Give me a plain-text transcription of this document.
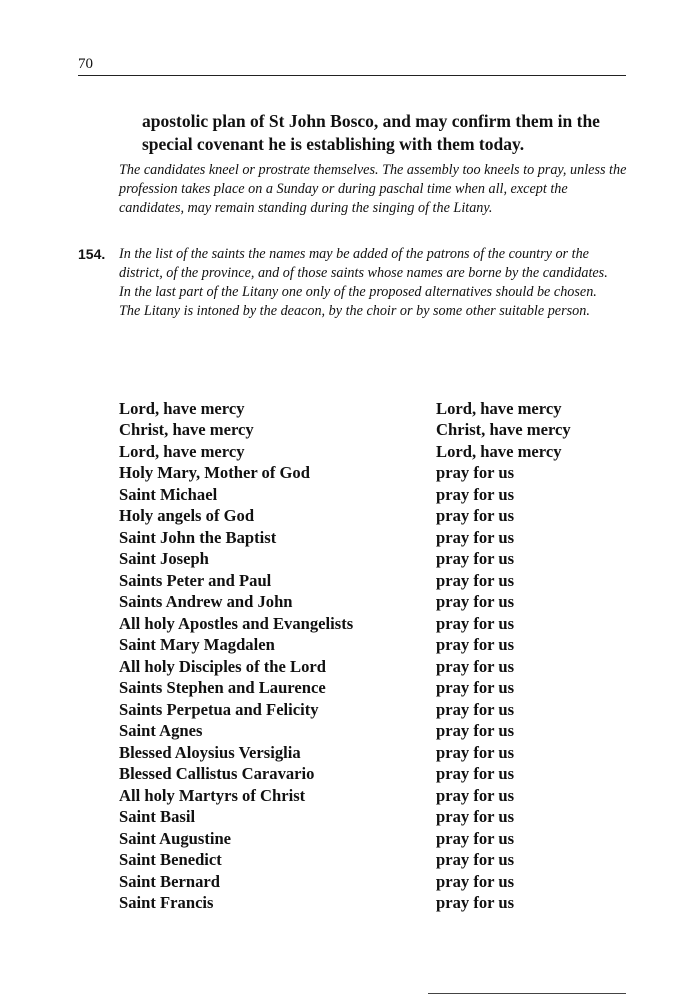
70
apostolic plan of St John Bosco, and may confirm them in the special covenant he is establishing with them today.

The candidates kneel or prostrate themselves. The assembly too kneels to pray, unless the profession takes place on a Sunday or during paschal time when all, except the candidates, may remain standing during the singing of the Litany.

154. In the list of the saints the names may be added of the patrons of the country or the district, of the province, and of those saints whose names are borne by the candidates.

In the last part of the Litany one only of the proposed alternatives should be chosen.

The Litany is intoned by the deacon, by the choir or by some other suitable person.

Lord, have mercy	Lord, have mercy
Christ, have mercy	Christ, have mercy
Lord, have mercy	Lord, have mercy
Holy Mary, Mother of God	pray for us
Saint Michael	pray for us
Holy angels of God	pray for us
Saint John the Baptist	pray for us
Saint Joseph	pray for us
Saints Peter and Paul	pray for us
Saints Andrew and John	pray for us
All holy Apostles and Evangelists	pray for us
Saint Mary Magdalen	pray for us
All holy Disciples of the Lord	pray for us
Saints Stephen and Laurence	pray for us
Saints Perpetua and Felicity	pray for us
Saint Agnes	pray for us
Blessed Aloysius Versiglia	pray for us
Blessed Callistus Caravario	pray for us
All holy Martyrs of Christ	pray for us
Saint Basil	pray for us
Saint Augustine	pray for us
Saint Benedict	pray for us
Saint Bernard	pray for us
Saint Francis	pray for us
